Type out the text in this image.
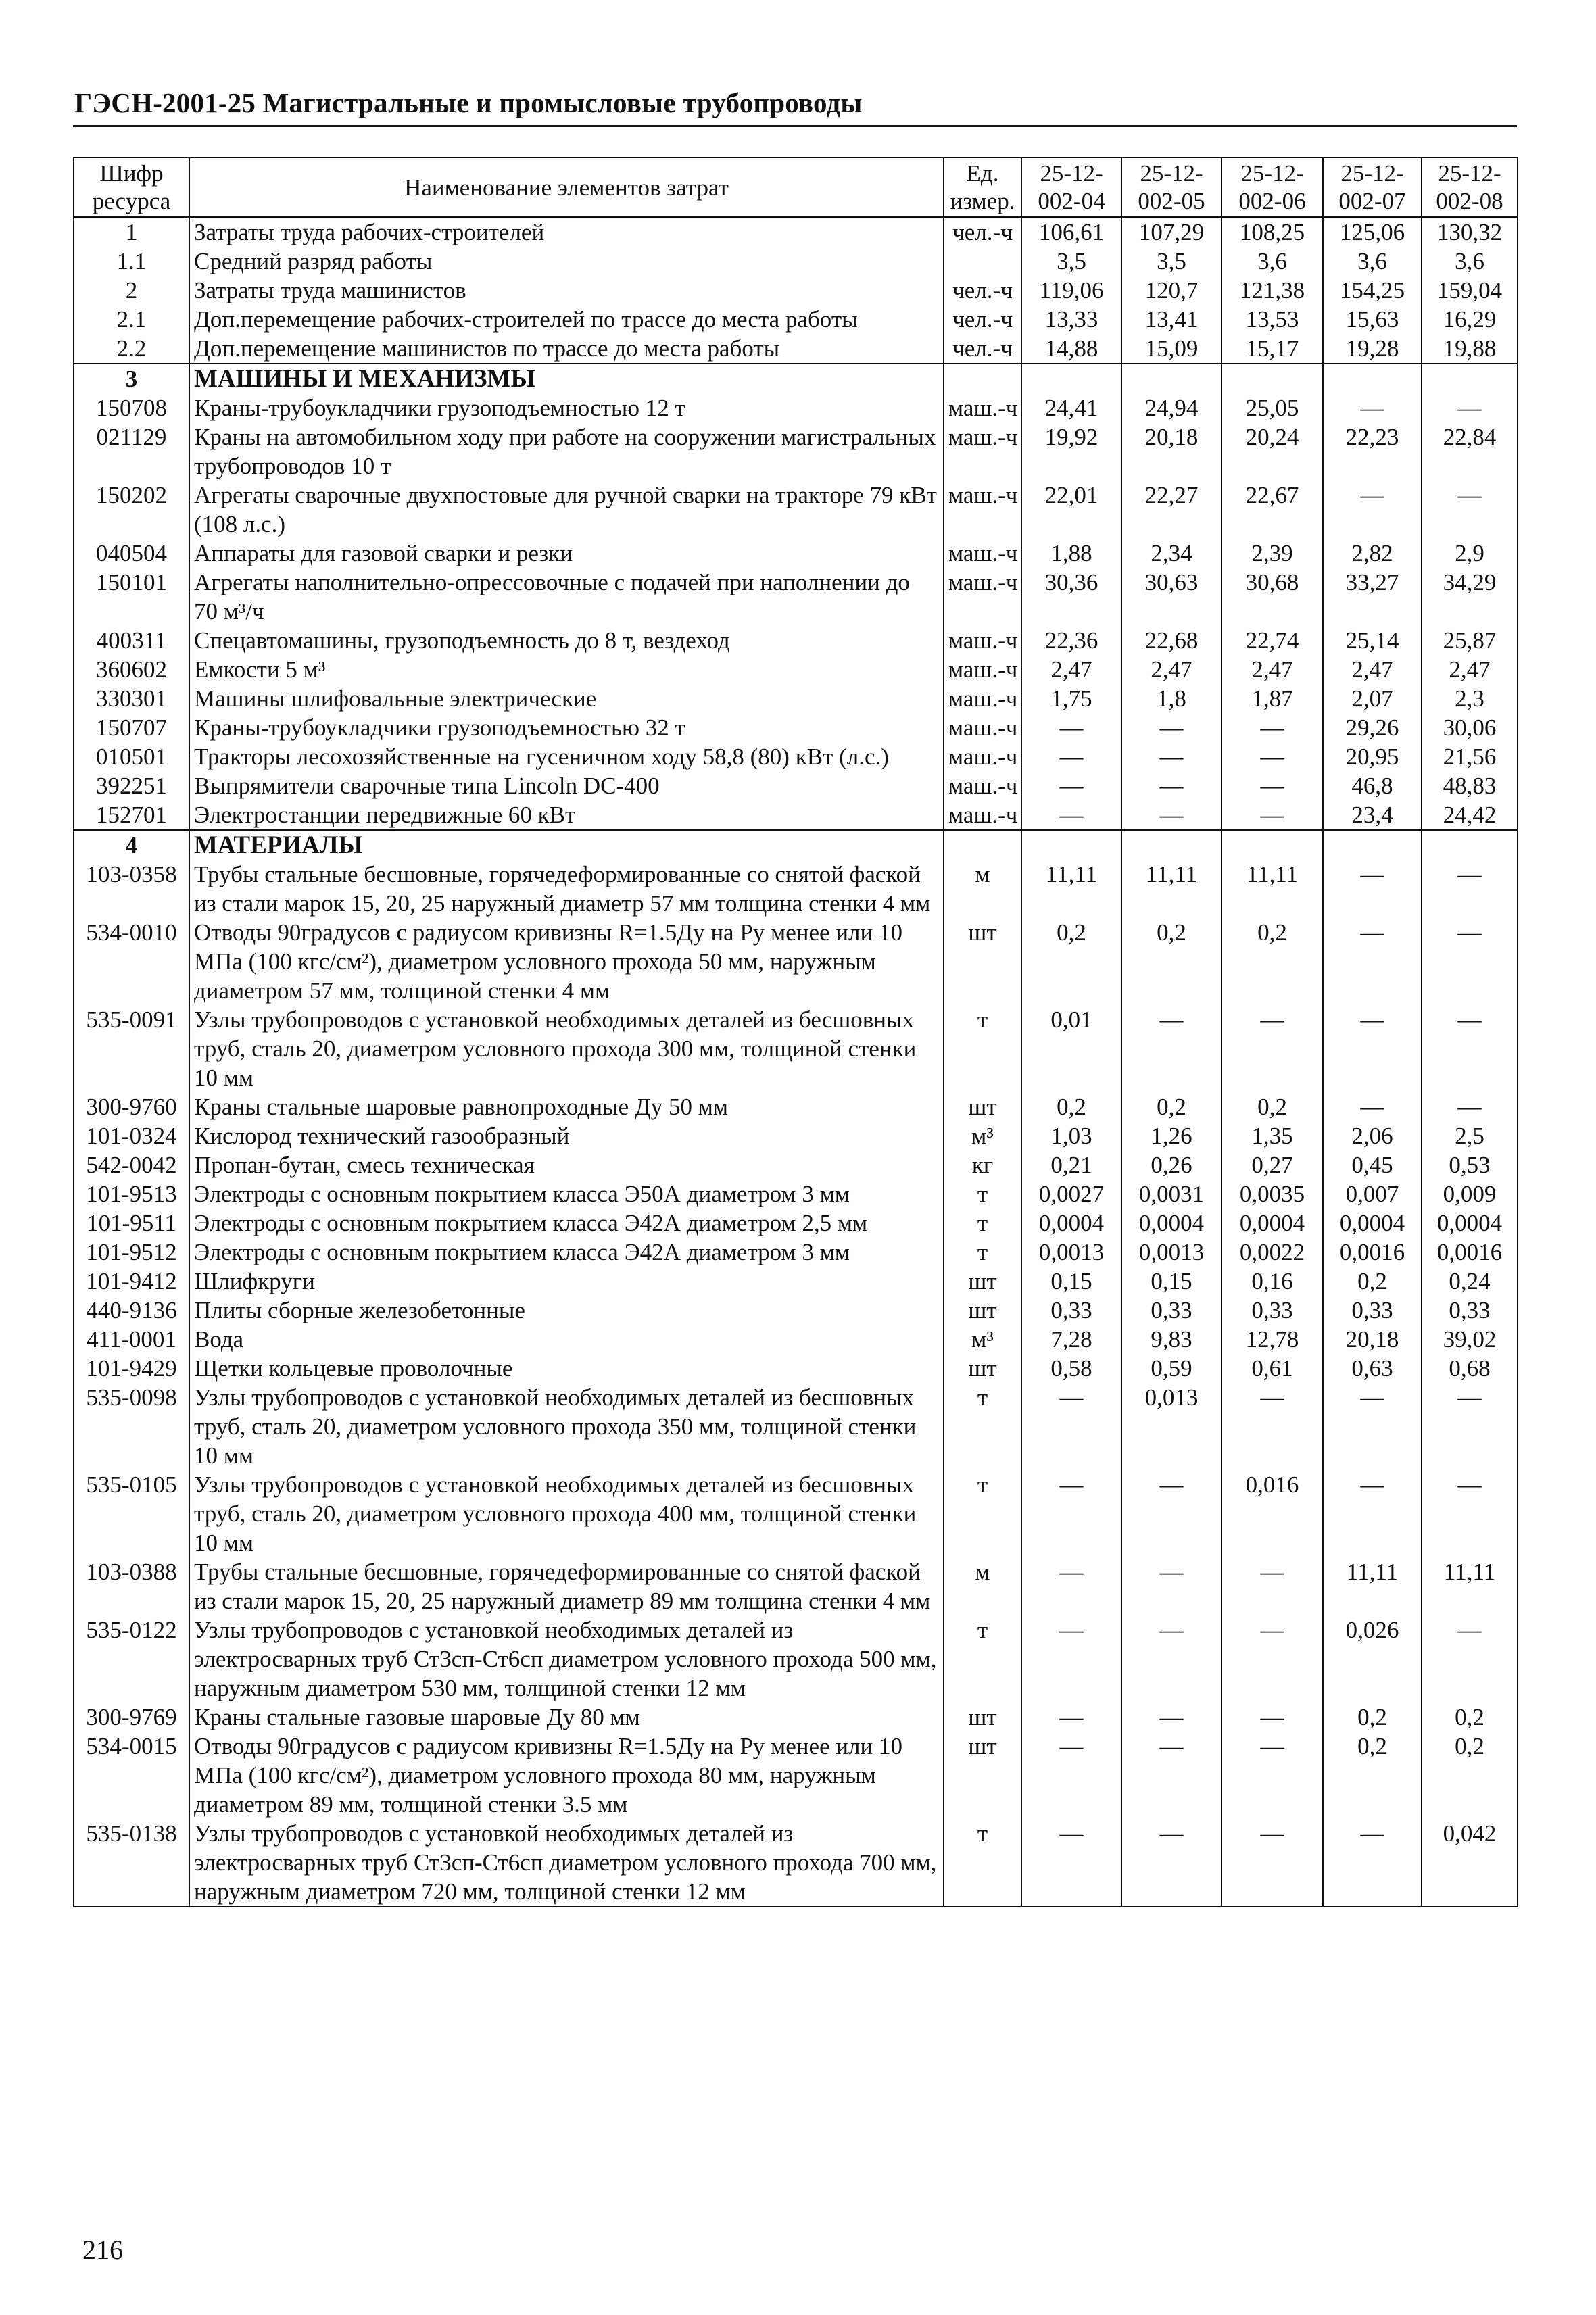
ГЭСН-2001-25 Магистральные и промысловые трубопроводы
Шифр ресурса	Наименование элементов затрат	Ед. измер.	25-12- 002-04	25-12- 002-05	25-12- 002-06	25-12- 002-07	25-12- 002-08
1	Затраты труда рабочих-строителей	чел.-ч	106,61	107,29	108,25	125,06	130,32
1.1	Средний разряд работы		3,5	3,5	3,6	3,6	3,6
2	Затраты труда машинистов	чел.-ч	119,06	120,7	121,38	154,25	159,04
2.1	Доп.перемещение рабочих-строителей по трассе до места работы	чел.-ч	13,33	13,41	13,53	15,63	16,29
2.2	Доп.перемещение машинистов по трассе до места работы	чел.-ч	14,88	15,09	15,17	19,28	19,88
3	МАШИНЫ И МЕХАНИЗМЫ						
150708	Краны-трубоукладчики грузоподъемностью 12 т	маш.-ч	24,41	24,94	25,05	—	—
021129	Краны на автомобильном ходу при работе на сооружении магистральных трубопроводов 10 т	маш.-ч	19,92	20,18	20,24	22,23	22,84
150202	Агрегаты сварочные двухпостовые для ручной сварки на тракторе 79 кВт (108 л.с.)	маш.-ч	22,01	22,27	22,67	—	—
040504	Аппараты для газовой сварки и резки	маш.-ч	1,88	2,34	2,39	2,82	2,9
150101	Агрегаты наполнительно-опрессовочные с подачей при наполнении до 70 м³/ч	маш.-ч	30,36	30,63	30,68	33,27	34,29
400311	Спецавтомашины, грузоподъемность до 8 т, вездеход	маш.-ч	22,36	22,68	22,74	25,14	25,87
360602	Емкости 5 м³	маш.-ч	2,47	2,47	2,47	2,47	2,47
330301	Машины шлифовальные электрические	маш.-ч	1,75	1,8	1,87	2,07	2,3
150707	Краны-трубоукладчики грузоподъемностью 32 т	маш.-ч	—	—	—	29,26	30,06
010501	Тракторы лесохозяйственные на гусеничном ходу 58,8 (80) кВт (л.с.)	маш.-ч	—	—	—	20,95	21,56
392251	Выпрямители сварочные типа Lincoln DC-400	маш.-ч	—	—	—	46,8	48,83
152701	Электростанции передвижные 60 кВт	маш.-ч	—	—	—	23,4	24,42
4	МАТЕРИАЛЫ						
103-0358	Трубы стальные бесшовные, горячедеформированные со снятой фаской из стали марок 15, 20, 25 наружный диаметр 57 мм толщина стенки 4 мм	м	11,11	11,11	11,11	—	—
534-0010	Отводы 90градусов с радиусом кривизны R=1.5Ду на Ру менее или 10 МПа (100 кгс/см²), диаметром условного прохода 50 мм, наружным диаметром 57 мм, толщиной стенки 4 мм	шт	0,2	0,2	0,2	—	—
535-0091	Узлы трубопроводов с установкой необходимых деталей из бесшовных труб, сталь 20, диаметром условного прохода 300 мм, толщиной стенки 10 мм	т	0,01	—	—	—	—
300-9760	Краны стальные шаровые равнопроходные Ду 50 мм	шт	0,2	0,2	0,2	—	—
101-0324	Кислород технический газообразный	м³	1,03	1,26	1,35	2,06	2,5
542-0042	Пропан-бутан, смесь техническая	кг	0,21	0,26	0,27	0,45	0,53
101-9513	Электроды с основным покрытием класса Э50А диаметром 3 мм	т	0,0027	0,0031	0,0035	0,007	0,009
101-9511	Электроды с основным покрытием класса Э42А диаметром 2,5 мм	т	0,0004	0,0004	0,0004	0,0004	0,0004
101-9512	Электроды с основным покрытием класса Э42А диаметром 3 мм	т	0,0013	0,0013	0,0022	0,0016	0,0016
101-9412	Шлифкруги	шт	0,15	0,15	0,16	0,2	0,24
440-9136	Плиты сборные железобетонные	шт	0,33	0,33	0,33	0,33	0,33
411-0001	Вода	м³	7,28	9,83	12,78	20,18	39,02
101-9429	Щетки кольцевые проволочные	шт	0,58	0,59	0,61	0,63	0,68
535-0098	Узлы трубопроводов с установкой необходимых деталей из бесшовных труб, сталь 20, диаметром условного прохода 350 мм, толщиной стенки 10 мм	т	—	0,013	—	—	—
535-0105	Узлы трубопроводов с установкой необходимых деталей из бесшовных труб, сталь 20, диаметром условного прохода 400 мм, толщиной стенки 10 мм	т	—	—	0,016	—	—
103-0388	Трубы стальные бесшовные, горячедеформированные со снятой фаской из стали марок 15, 20, 25 наружный диаметр 89 мм толщина стенки 4 мм	м	—	—	—	11,11	11,11
535-0122	Узлы трубопроводов с установкой необходимых деталей из электросварных труб Ст3сп-Ст6сп диаметром условного прохода 500 мм, наружным диаметром 530 мм, толщиной стенки 12 мм	т	—	—	—	0,026	—
300-9769	Краны стальные газовые шаровые Ду 80 мм	шт	—	—	—	0,2	0,2
534-0015	Отводы 90градусов с радиусом кривизны R=1.5Ду на Ру менее или 10 МПа (100 кгс/см²), диаметром условного прохода 80 мм, наружным диаметром 89 мм, толщиной стенки 3.5 мм	шт	—	—	—	0,2	0,2
535-0138	Узлы трубопроводов с установкой необходимых деталей из электросварных труб Ст3сп-Ст6сп диаметром условного прохода 700 мм, наружным диаметром 720 мм, толщиной стенки 12 мм	т	—	—	—	—	0,042
216
